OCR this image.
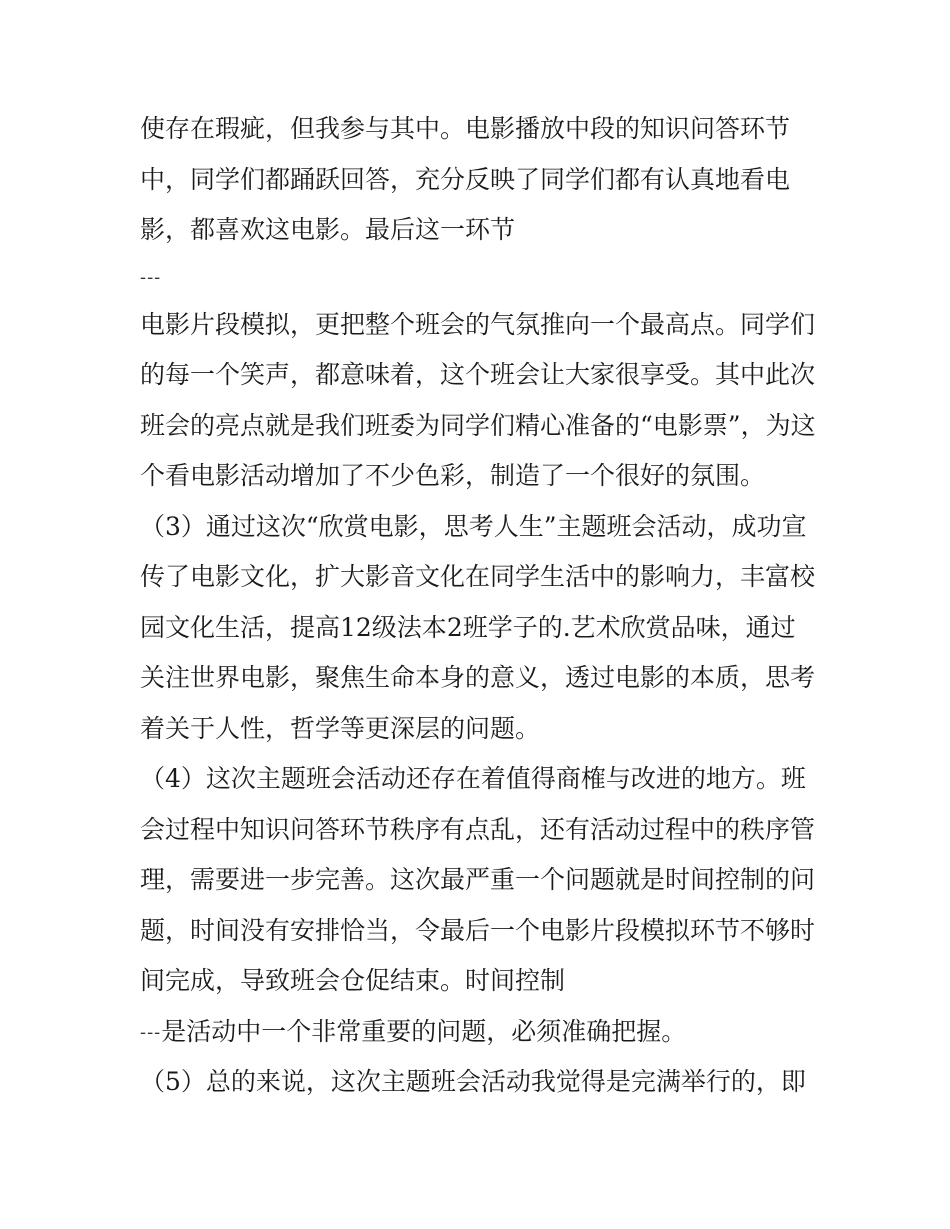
使存在瑕疵，但我参与其中。电影播放中段的知识问答环节
中，同学们都踊跃回答，充分反映了同学们都有认真地看电
影，都喜欢这电影。最后这一环节
---
电影片段模拟，更把整个班会的气氛推向一个最高点。同学们
的每一个笑声，都意味着，这个班会让大家很享受。其中此次
班会的亮点就是我们班委为同学们精心准备的“电影票”，为这
个看电影活动增加了不少色彩，制造了一个很好的氛围。
（3）通过这次“欣赏电影，思考人生”主题班会活动，成功宣
传了电影文化，扩大影音文化在同学生活中的影响力，丰富校
园文化生活，提高12级法本2班学子的.艺术欣赏品味，通过
关注世界电影，聚焦生命本身的意义，透过电影的本质，思考
着关于人性，哲学等更深层的问题。
（4）这次主题班会活动还存在着值得商榷与改进的地方。班
会过程中知识问答环节秩序有点乱，还有活动过程中的秩序管
理，需要进一步完善。这次最严重一个问题就是时间控制的问
题，时间没有安排恰当，令最后一个电影片段模拟环节不够时
间完成，导致班会仓促结束。时间控制
---是活动中一个非常重要的问题，必须准确把握。
（5）总的来说，这次主题班会活动我觉得是完满举行的，即
